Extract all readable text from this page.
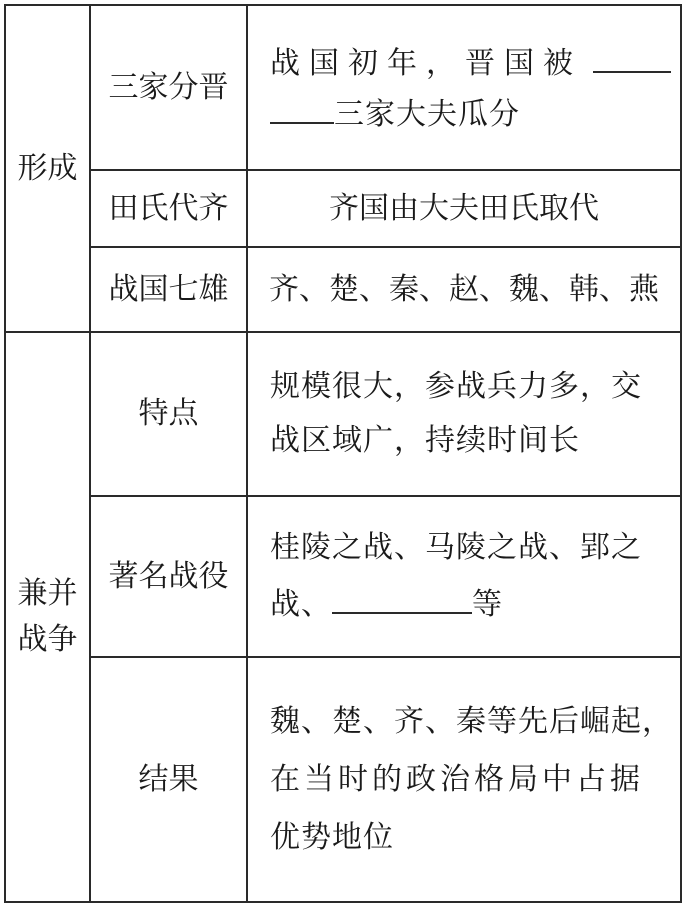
形成
三家分晋
战国初年，晋国被
三家大夫瓜分
田氏代齐	齐国由大夫田氏取代
战国七雄 齐、楚、秦、赵、魏、韩、燕
兼并
战争
特点
规模很大，参战兵力多，交
战区域广，持续时间长
著名战役
桂陵之战、马陵之战、郢之
战、	等
结果
魏、楚、齐、秦等先后崛起，
在当时的政治格局中占据
优势地位
